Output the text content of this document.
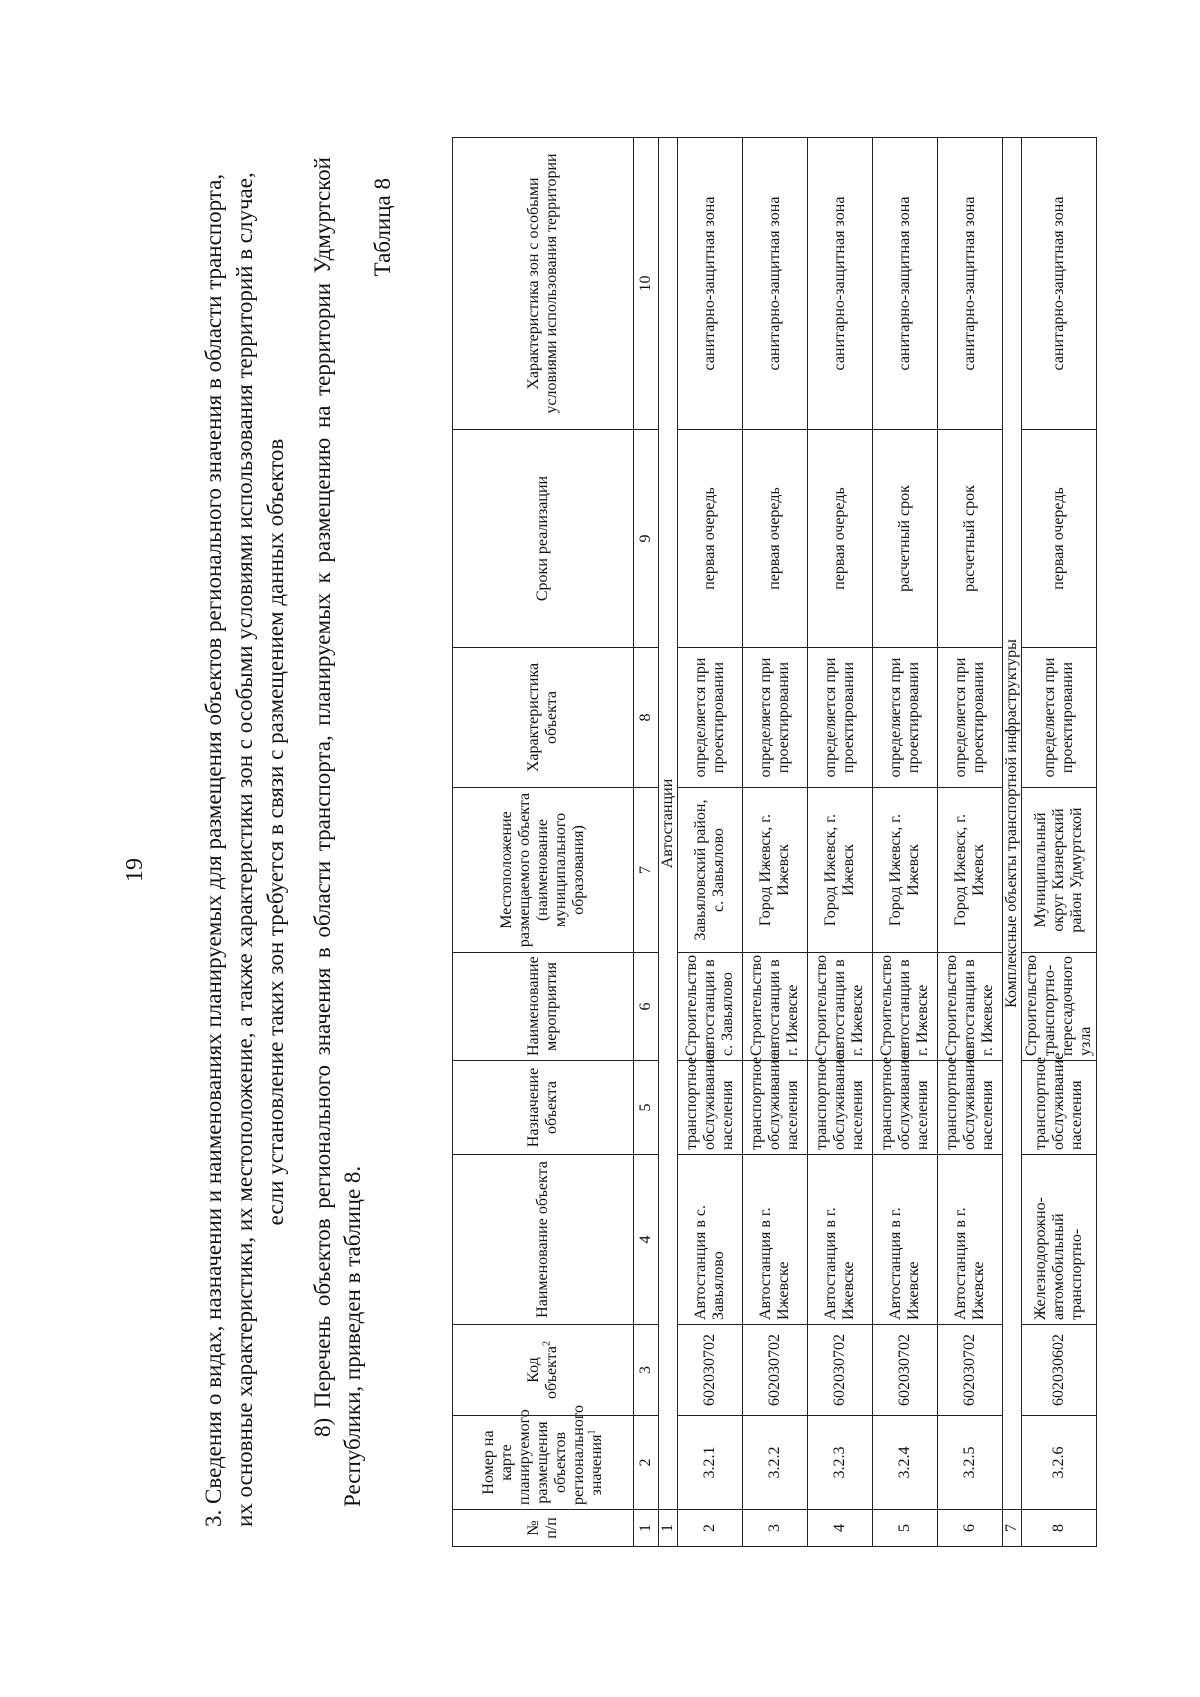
19 3. Сведения о видах, назначении и наименованиях планируемых для размещения объектов регионального значения в области транспорта, их основные характеристики, их местоположение, а также характеристики зон с особыми условиями использования территорий в случае, если установление таких зон требуется в связи с размещением данных объектов 8) Перечень объектов регионального значения в области транспорта, планируемых к размещению на территории Удмуртской Республики, приведен в таблице 8.
Таблица 8
№ п/п	Номер на карте планируемого размещения объектов регионального значения$^1$	Код объекта$^2$	Наименование объекта	Назначение объекта	Наименование мероприятия	Местоположение размещаемого объекта (наименование муниципального образования)	Характеристика объекта	Сроки реализации	Характеристика зон с особыми условиями использования территории
1	2	3	4	5	6	7	8	9	10
1	Автостанции								
2	3.2.1	602030702	Автостанция в с. Завьялово	транспортное обслуживание населения	Строительство автостанции в с. Завьялово	Завьяловский район, с. Завьялово	определяется при проектировании	первая очередь	санитарно-защитная зона
3	3.2.2	602030702	Автостанция в г. Ижевске	транспортное обслуживание населения	Строительство автостанции в г. Ижевске	Город Ижевск, г. Ижевск	определяется при проектировании	первая очередь	санитарно-защитная зона
4	3.2.3	602030702	Автостанция в г. Ижевске	транспортное обслуживание населения	Строительство автостанции в г. Ижевске	Город Ижевск, г. Ижевск	определяется при проектировании	первая очередь	санитарно-защитная зона
5	3.2.4	602030702	Автостанция в г. Ижевске	транспортное обслуживание населения	Строительство автостанции в г. Ижевске	Город Ижевск, г. Ижевск	определяется при проектировании	расчетный срок	санитарно-защитная зона
6	3.2.5	602030702	Автостанция в г. Ижевске	транспортное обслуживание населения	Строительство автостанции в г. Ижевске	Город Ижевск, г. Ижевск	определяется при проектировании	расчетный срок	санитарно-защитная зона
7	Комплексные объекты транспортной инфраструктуры								
8	3.2.6	602030602	Железнодорожно-автомобильный транспортно-	транспортное обслуживание населения	Строительство транспортно-пересадочного узла	Муниципальный округ Кизнерский район Удмуртской	определяется при проектировании	первая очередь	санитарно-защитная зона
